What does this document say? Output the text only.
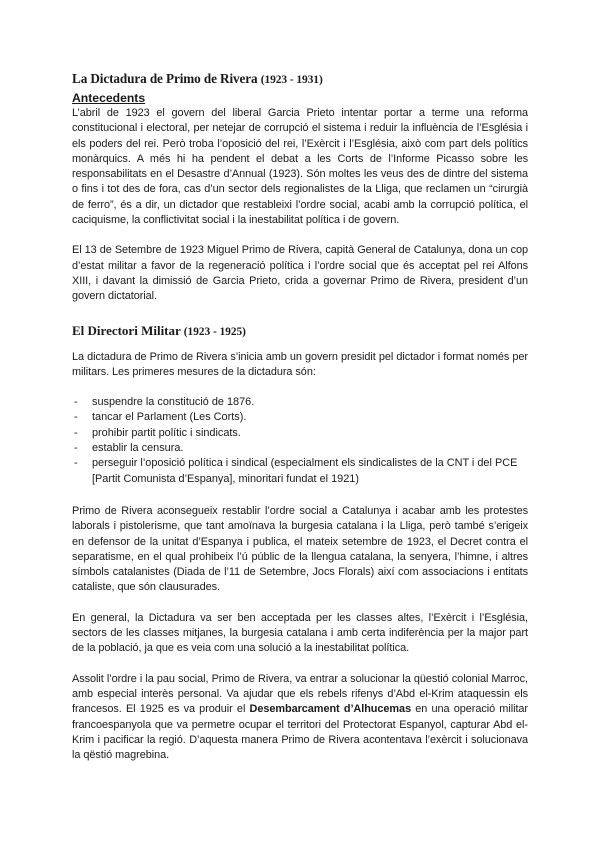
La Dictadura de Primo de Rivera (1923 - 1931)
Antecedents

L’abril de 1923 el govern del liberal Garcia Prieto intentar portar a terme una reforma constitucional i electoral, per netejar de corrupció el sistema i reduir la influència de l’Església i els poders del rei. Però troba l’oposició del rei, l’Exèrcit i l’Església, això com part dels polítics monàrquics. A més hi ha pendent el debat a les Corts de l’Informe Picasso sobre les responsabilitats en el Desastre d’Annual (1923). Són moltes les veus des de dintre del sistema o fins i tot des de fora, cas d’un sector dels regionalistes de la Lliga, que reclamen un “cirurgià de ferro”, és a dir, un dictador que restableixi l’ordre social, acabi amb la corrupció política, el caciquisme, la conflictivitat social i la inestabilitat política i de govern.

El 13 de Setembre de 1923 Miguel Primo de Rivera, capità General de Catalunya, dona un cop d’estat militar a favor de la regeneració política i l’ordre social que és acceptat pel rei Alfons XIII, i davant la dimissió de Garcia Prieto, crida a governar Primo de Rivera, president d’un govern dictatorial.

El Directori Militar (1923 - 1925)

La dictadura de Primo de Rivera s’inicia amb un govern presidit pel dictador i format només per militars. Les primeres mesures de la dictadura són:

- suspendre la constitució de 1876.
- tancar el Parlament (Les Corts).
- prohibir partit polític i sindicats.
- establir la censura.
- perseguir l’oposició política i sindical (especialment els sindicalistes de la CNT i del PCE [Partit Comunista d’Espanya], minoritari fundat el 1921)

Primo de Rivera aconsegueix restablir l’ordre social a Catalunya i acabar amb les protestes laborals i pistolerisme, que tant amoïnava la burgesia catalana i la Lliga, però també s’erigeix en defensor de la unitat d’Espanya i publica, el mateix setembre de 1923, el Decret contra el separatisme, en el qual prohibeix l’ú públic de la llengua catalana, la senyera, l’himne, i altres símbols catalanistes (Diada de l’11 de Setembre, Jocs Florals) així com associacions i entitats cataliste, que són clausurades.

En general, la Dictadura va ser ben acceptada per les classes altes, l’Exèrcit i l’Església, sectors de les classes mitjanes, la burgesia catalana i amb certa indiferència per la major part de la població, ja que es veia com una solució a la inestabilitat política.

Assolit l’ordre i la pau social, Primo de Rivera, va entrar a solucionar la qüestió colonial Marroc, amb especial interès personal. Va ajudar que els rebels rifenys d’Abd el-Krim ataquessin els francesos. El 1925 es va produir el Desembarcament d’Alhucemas en una operació militar francoespanyola que va permetre ocupar el territori del Protectorat Espanyol, capturar Abd el-Krim i pacificar la regió. D’aquesta manera Primo de Rivera acontentava l’exèrcit i solucionava la qëstió magrebina.
